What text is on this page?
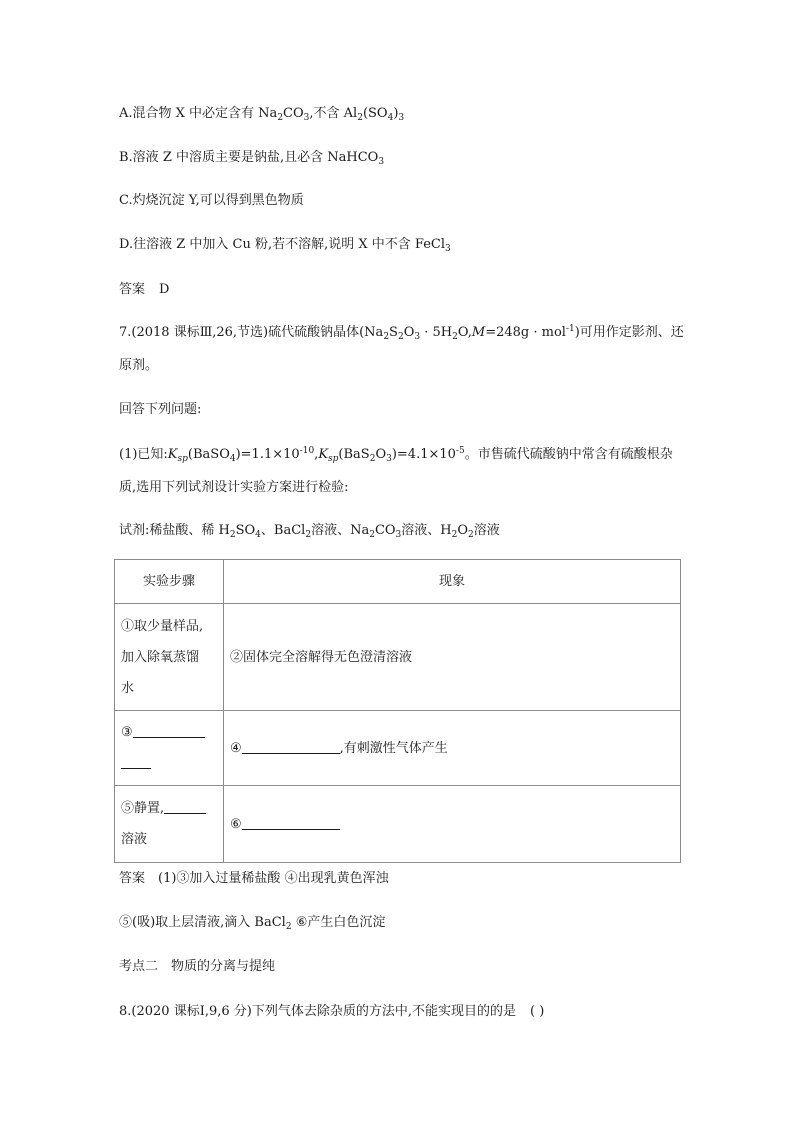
A.混合物 X 中必定含有 $Na_2CO_3$,不含 $Al_2(SO_4)_3$
B.溶液 Z 中溶质主要是钠盐,且必含 NaHCO$_3$
C.灼烧沉淀 Y,可以得到黑色物质
D.往溶液 Z 中加入 Cu 粉,若不溶解,说明 X 中不含 FeCl$_3$
答案 D
7.(2018 课标Ⅲ,26,节选)硫代硫酸钠晶体$(Na_2S_2O_3 \cdot 5H_2O,M=248g \cdot mol^{-1})$可用作定影剂、还
原剂。
回答下列问题:
(1)已知$:K_{sp}(BaSO_4)=1.1\times 10^{-10},K_{sp}(BaS_2O_3)=4.1\times 10^{-5}$。市售硫代硫酸钠中常含有硫酸根杂
质,选用下列试剂设计实验方案进行检验:
试剂:稀盐酸、稀 $H_2SO_4$、BaCl$_2$溶液、$Na_2CO_3$溶液、$H_2O_2$溶液
实验步骤	现象

①取少量样品,
加入除氧蒸馏
水	②固体完全溶解得无色澄清溶液

③	④ ,有刺激性气体产生

⑤静置,
溶液	⑥
答案 (1)③加入过量稀盐酸 ④出现乳黄色浑浊
⑤(吸)取上层清液,滴入 BaCl$_2$ ⑥产生白色沉淀
考点二 物质的分离与提纯
8.(2020 课标Ⅰ,9,6 分)下列气体去除杂质的方法中,不能实现目的的是 ( )
